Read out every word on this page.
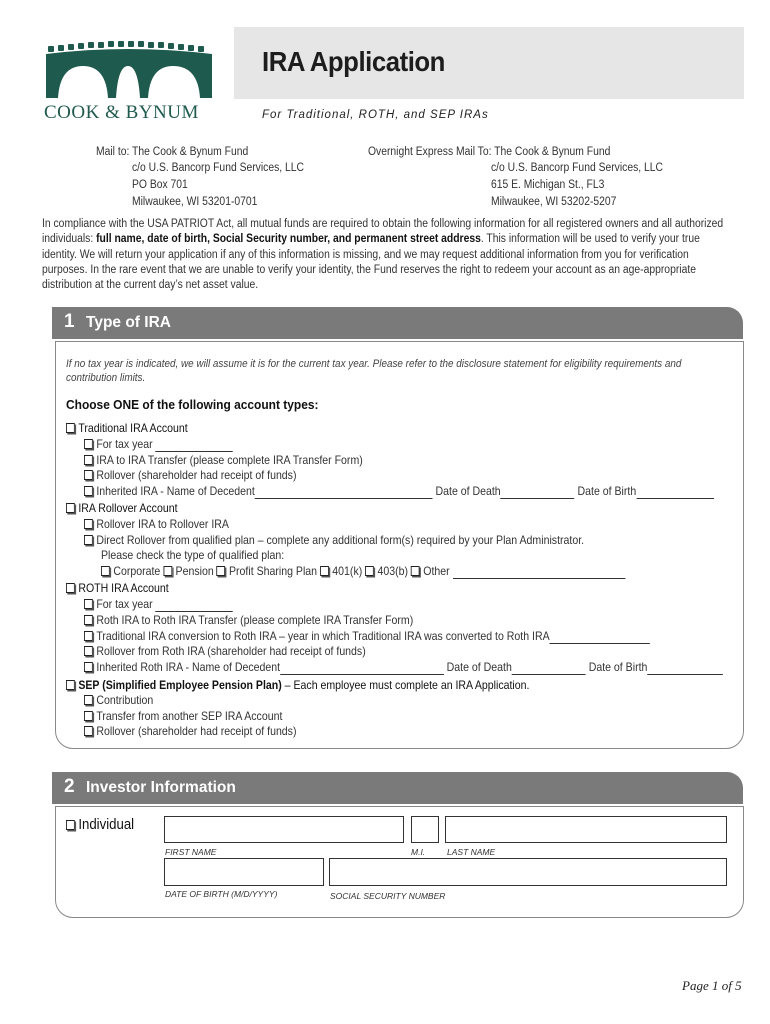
COOK & BYNUM
IRA Application
For Traditional, ROTH, and SEP IRAs
Mail to: The Cook & Bynum Fund
c/o U.S. Bancorp Fund Services, LLC
PO Box 701
Milwaukee, WI 53201-0701
Overnight Express Mail To: The Cook & Bynum Fund
c/o U.S. Bancorp Fund Services, LLC
615 E. Michigan St., FL3
Milwaukee, WI 53202-5207
In compliance with the USA PATRIOT Act, all mutual funds are required to obtain the following information for all registered owners and all authorized individuals: full name, date of birth, Social Security number, and permanent street address. This information will be used to verify your true identity. We will return your application if any of this information is missing, and we may request additional information from you for verification purposes. In the rare event that we are unable to verify your identity, the Fund reserves the right to redeem your account as an age-appropriate distribution at the current day’s net asset value.
1 Type of IRA
If no tax year is indicated, we will assume it is for the current tax year. Please refer to the disclosure statement for eligibility requirements and contribution limits.
Choose ONE of the following account types:
Traditional IRA Account
For tax year
IRA to IRA Transfer (please complete IRA Transfer Form)
Rollover (shareholder had receipt of funds)
Inherited IRA - Name of Decedent	Date of Death	Date of Birth
IRA Rollover Account
Rollover IRA to Rollover IRA
Direct Rollover from qualified plan – complete any additional form(s) required by your Plan Administrator.
Please check the type of qualified plan:
Corporate Pension Profit Sharing Plan 401(k) 403(b) Other
ROTH IRA Account
For tax year
Roth IRA to Roth IRA Transfer (please complete IRA Transfer Form)
Traditional IRA conversion to Roth IRA – year in which Traditional IRA was converted to Roth IRA
Rollover from Roth IRA (shareholder had receipt of funds)
Inherited Roth IRA - Name of Decedent	Date of Death	Date of Birth
SEP (Simplified Employee Pension Plan) – Each employee must complete an IRA Application.
Contribution
Transfer from another SEP IRA Account
Rollover (shareholder had receipt of funds)
2 Investor Information
Individual
FIRST NAME	M.I.	LAST NAME
DATE OF BIRTH (M/D/YYYY)	SOCIAL SECURITY NUMBER
Page 1 of 5
